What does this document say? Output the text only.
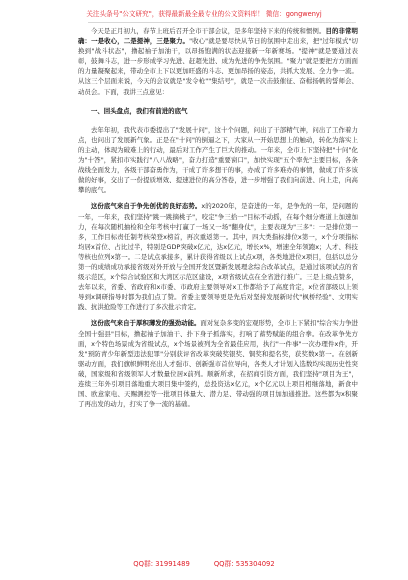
关注头条号"公文研究"，获得最新最全最专业的公文资料库！ 微信：gongwenyj

今天是正月初九，春节上班后召开全市干部会议，是多年坚持下来的传统和惯例。目的非常明确：一是收心，二是提神，三是聚力。"收心"就是要尽快从节日的氛围中走出来，把"过年模式"切换到"战斗状态"，撸起袖子加油干，以昂扬饱满的状态迎接新一年新赛场。"提神"就是要通过表彰，鼓舞斗志，进一步形成学习先进、赶超先进、成为先进的争先氛围。"聚力"就是要把方方面面的力量凝聚起来，带动全市上下以更加旺盛的斗志、更加昂扬的姿态，共抓大发展、全力争一流。从这三个层面来说，今天的会议就是"发令枪""集结号"，就是一次击鼓催征、奋楫扬帆的誓师会、动员会。下面，我讲三点意见：

一、回头盘点，我们有前进的底气

去年年初，我代表市委提出了"发展十问"，这十个问题，问出了干部精气神，问出了工作着力点，也问出了发展新气象。正是在"十问"的倒逼之下，大家从一开始思想上的触动，转化为落实上的主动，体现为破难上的行动，最后对工作产生了巨大的推动。一年来，全市上下坚持把"十问"化为"十答"，紧扣市实践行"八八战略"，奋力打造"重要窗口"，加快实现"五个率先"主要目标，各条战线全面发力，各级干部奋勇作为，干成了许多想干的事，办成了许多难办的事情，做成了许多该做的好事，交出了一份提质增效、提速进位的高分答卷，进一步增强了我们向前进、向上走，向高攀的底气。

这份底气来自于争先创优的良好态势。x的2020年，是奋进的一年，是争先的一年，是问题的一年，一年来，我们坚持"跳一跳摘桃子"，咬定"争三拾一"目标不动摇，在每个细分赛道上加速加力，在每次随机抽检和全年考核中打赢了一场又一场"翻身仗"，主要表现为"三多"：一是排位第一多，工作目标责任制考核荣登x榜首，再次重返第一。其中，四大类指标排位x第一，x个分项指标均居x首位、占比过半，特别是GDP突破x亿元，达x亿元，增长x%，增速全年领跑x；人才、科技等核也位列x第一。二是试点承接多，累计获得省级以上试点x项，各类地进位x项目，包括以总分第一的成绩成功承接省级对外开放与全国开发区暨新发展理念综合改革试点，是通过该项试点的省级示范区，x个综合试验区和大湾区示范区建设，x项省级试点在全省进行推广。三是上级点赞多，去年以来，省委、省政府和x市委、市政府主要领导对x工作都给予了高度肯定，x位省部级以上领导到x调研指导时都为我们点了赞。省委主要领导更是先后对坚持发展新时代"枫桥经验"、文明实践、抗洪抢险等工作进行了多次批示肯定。

这份底气来自于厚积薄发的强劲动能。面对复杂多变的宏观形势，全市上下紧扣"综合实力争进全国十强县"目标，撸起袖子加油干、扑下身子抓落实，打响了蓄势赋能的组合拳。在改革争先方面，x个特色场景成为省级试点，x个场景被列为全省最佳应用，执行"一件事"一次办理件x件，开发"预防青少年新型违法犯罪"分别获评省改革突破奖银奖、铜奖和提名奖，获奖数x第一。在创新驱动方面，我们旗帜鲜明亮出人才强市、创新强市首位导向，各类人才计划入选数均实现历史性突破，国家级和省级领军人才数量位居x前列。顺新所求，在招商引资方面，我们坚持"项目为王"，连续三年外引项目落地重大项目集中签约，总投资达x亿元，x个亿元以上项目相继落地，新食中国、欧意家电、天赐测控等一批项目体量大、潜力足、带动强的项目加加通推进。这些都为x积聚了再出发的动力，打实了争一流的基础。

QQ群: 31991489	QQ群: 535304092
